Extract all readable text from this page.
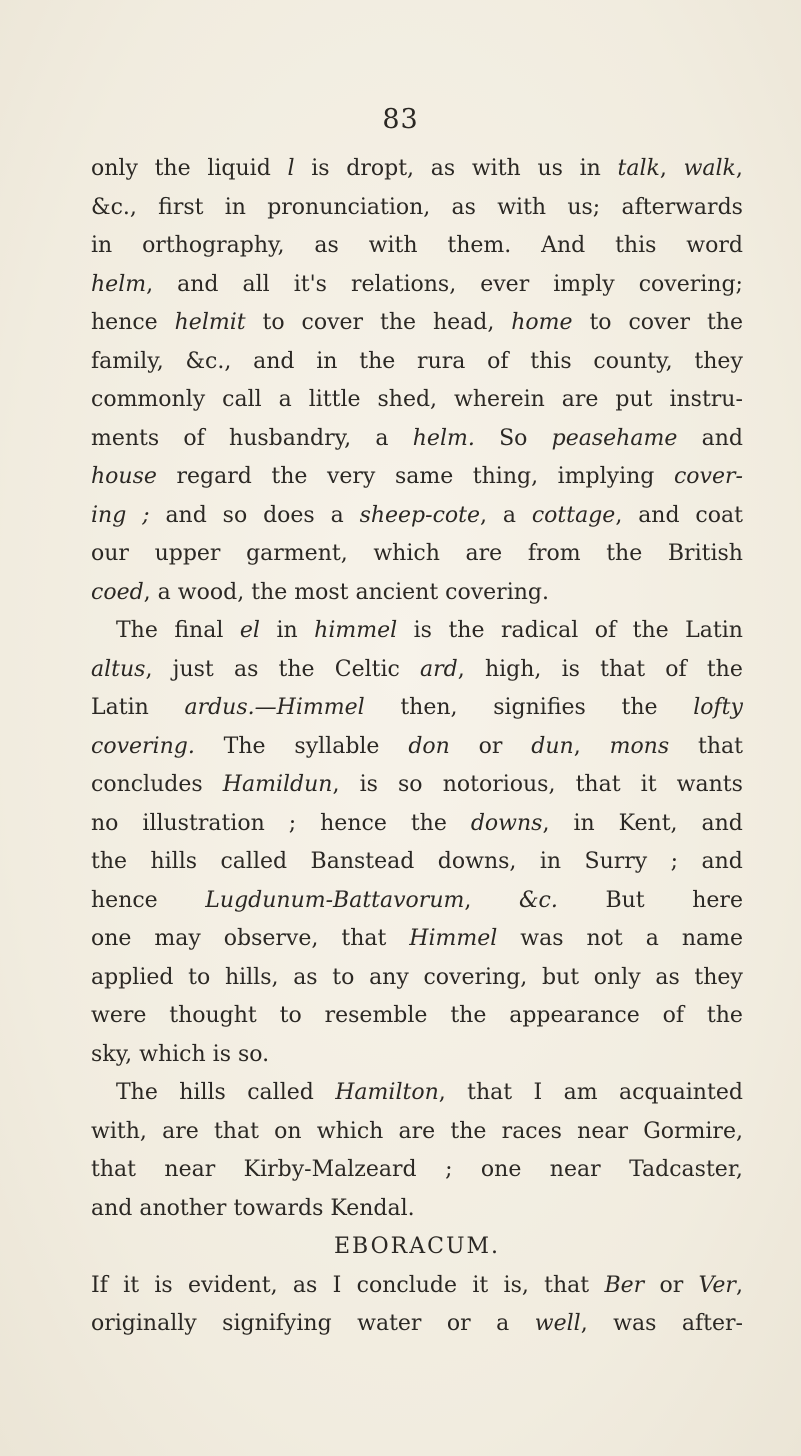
83
only the liquid l is dropt, as with us in talk, walk,
&c., first in pronunciation, as with us; afterwards
in orthography, as with them. And this word
helm, and all it's relations, ever imply covering;
hence helmit to cover the head, home to cover the
family, &c., and in the rura of this county, they
commonly call a little shed, wherein are put instru-
ments of husbandry, a helm. So peasehame and
house regard the very same thing, implying cover-
ing ; and so does a sheep-cote, a cottage, and coat
our upper garment, which are from the British
coed,
a
wood,
the
most
ancient
covering.
The final el in himmel is the radical of the Latin
altus, just as the Celtic ard, high, is that of the
Latin ardus.—Himmel then, signifies the lofty
covering. The syllable don or dun, mons that
concludes Hamildun, is so notorious, that it wants
no illustration ; hence the downs, in Kent, and
the hills called Banstead downs, in Surry ; and
hence Lugdunum-Battavorum, &c. But here
one may observe, that Himmel was not a name
applied to hills, as to any covering, but only as they
were thought to resemble the appearance of the
sky,
which
is
so.
The hills called Hamilton, that I am acquainted
with, are that on which are the races near Gormire,
that near Kirby-Malzeard ; one near Tadcaster,
and
another
towards
Kendal.
EBORACUM.
If it is evident, as I conclude it is, that Ber or Ver,
originally signifying water or a well, was after-
